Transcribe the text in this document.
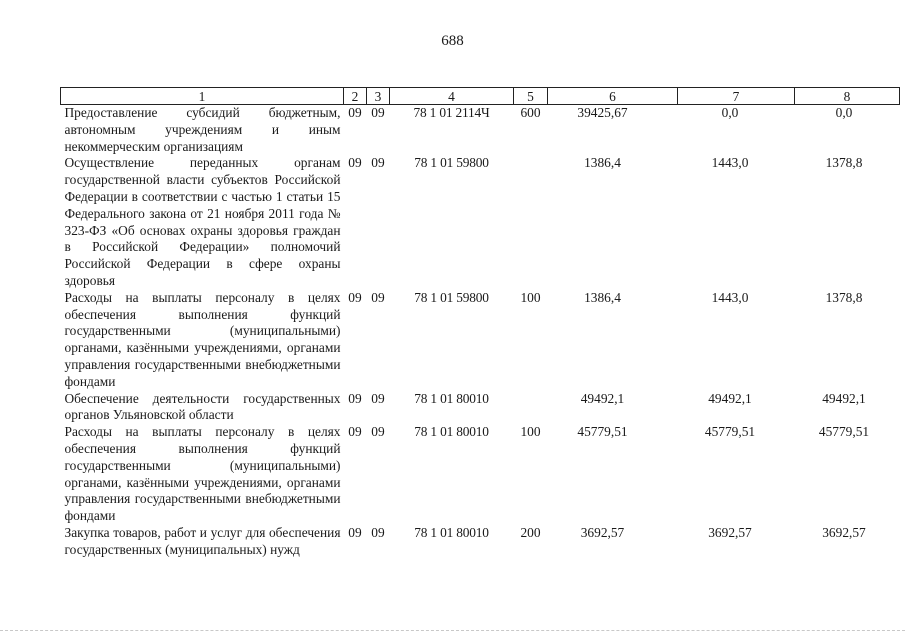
688
1	2	3	4	5	6	7	8
Предоставление субсидий бюджетным, автономным учреждениям и иным некоммерческим организациям	09	09	78 1 01 2114Ч	600	39425,67	0,0	0,0
Осуществление переданных органам государственной власти субъектов Российской Федерации в соответствии с частью 1 статьи 15 Федерального закона от 21 ноября 2011 года № 323-ФЗ «Об основах охраны здоровья граждан в Российской Федерации» полномочий Российской Федерации в сфере охраны здоровья	09	09	78 1 01 59800		1386,4	1443,0	1378,8
Расходы на выплаты персоналу в целях обеспечения выполнения функций государственными (муниципальными) органами, казёнными учреждениями, органами управления государственными внебюджетными фондами	09	09	78 1 01 59800	100	1386,4	1443,0	1378,8
Обеспечение деятельности государственных органов Ульяновской области	09	09	78 1 01 80010		49492,1	49492,1	49492,1
Расходы на выплаты персоналу в целях обеспечения выполнения функций государственными (муниципальными) органами, казёнными учреждениями, органами управления государственными внебюджетными фондами	09	09	78 1 01 80010	100	45779,51	45779,51	45779,51
Закупка товаров, работ и услуг для обеспечения государственных (муниципальных) нужд	09	09	78 1 01 80010	200	3692,57	3692,57	3692,57
